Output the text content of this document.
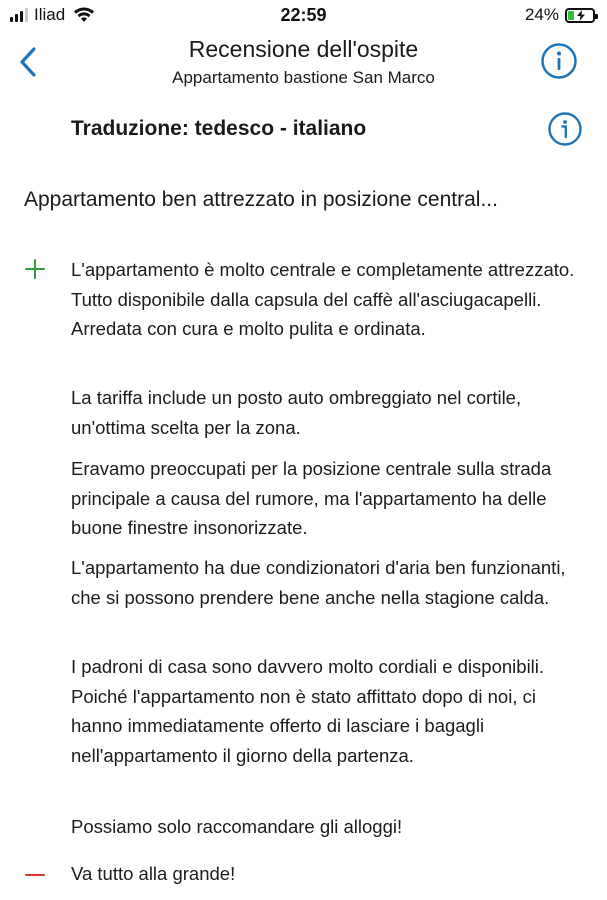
Iliad	22:59	24%
Recensione dell'ospite
Appartamento bastione San Marco
Traduzione: tedesco - italiano
Appartamento ben attrezzato in posizione central...

L'appartamento è molto centrale e completamente attrezzato. Tutto disponibile dalla capsula del caffè all'asciugacapelli. Arredata con cura e molto pulita e ordinata.

La tariffa include un posto auto ombreggiato nel cortile, un'ottima scelta per la zona.

Eravamo preoccupati per la posizione centrale sulla strada principale a causa del rumore, ma l'appartamento ha delle buone finestre insonorizzate.

L'appartamento ha due condizionatori d'aria ben funzionanti, che si possono prendere bene anche nella stagione calda.

I padroni di casa sono davvero molto cordiali e disponibili. Poiché l'appartamento non è stato affittato dopo di noi, ci hanno immediatamente offerto di lasciare i bagagli nell'appartamento il giorno della partenza.

Possiamo solo raccomandare gli alloggi!

Va tutto alla grande!
